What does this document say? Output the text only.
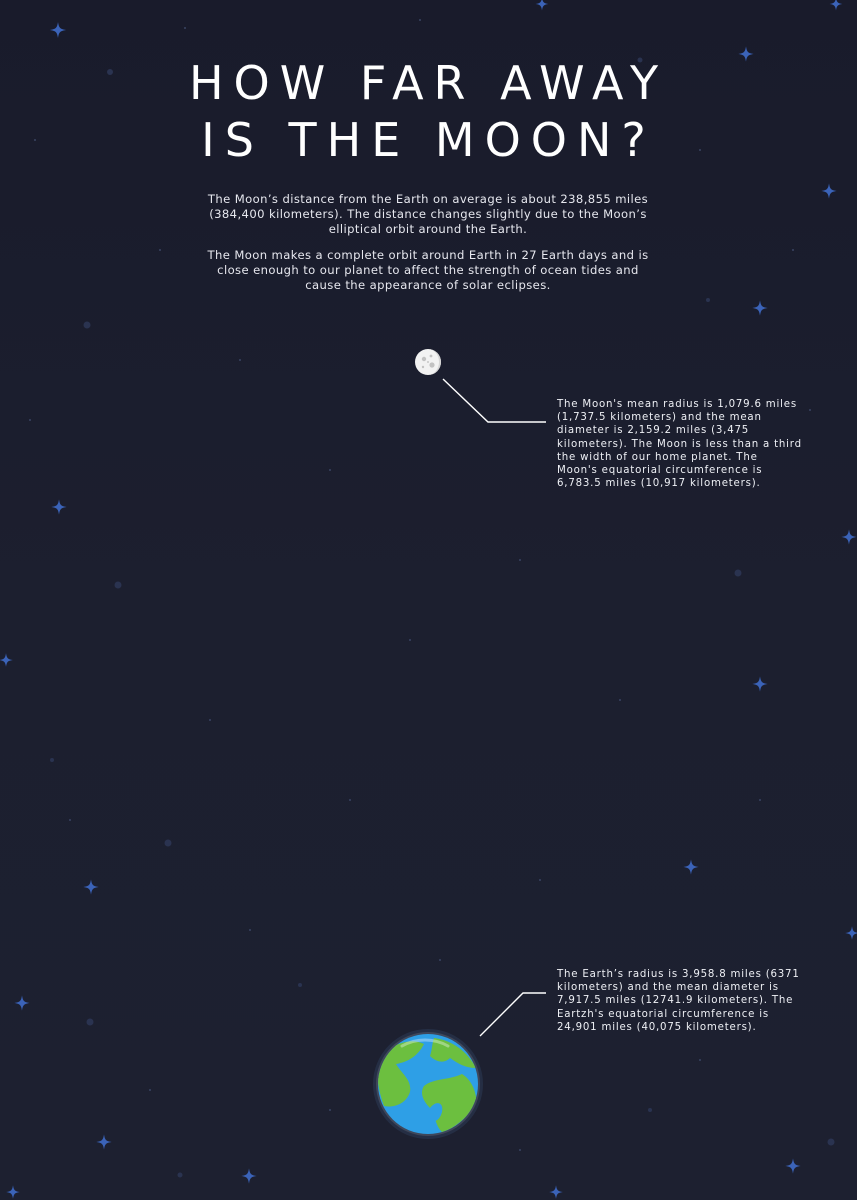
HOW FAR AWAY
IS THE MOON?

The Moon’s distance from the Earth on average is about 238,855 miles (384,400 kilometers). The distance changes slightly due to the Moon’s elliptical orbit around the Earth.

The Moon makes a complete orbit around Earth in 27 Earth days and is close enough to our planet to affect the strength of ocean tides and cause the appearance of solar eclipses.

The Moon's mean radius is 1,079.6 miles (1,737.5 kilometers) and the mean diameter is 2,159.2 miles (3,475 kilometers). The Moon is less than a third the width of our home planet. The Moon's equatorial circumference is 6,783.5 miles (10,917 kilometers).

The Earth’s radius is 3,958.8 miles (6371 kilometers) and the mean diameter is 7,917.5 miles (12741.9 kilometers). The Eartzh's equatorial circumference is 24,901 miles (40,075 kilometers).
